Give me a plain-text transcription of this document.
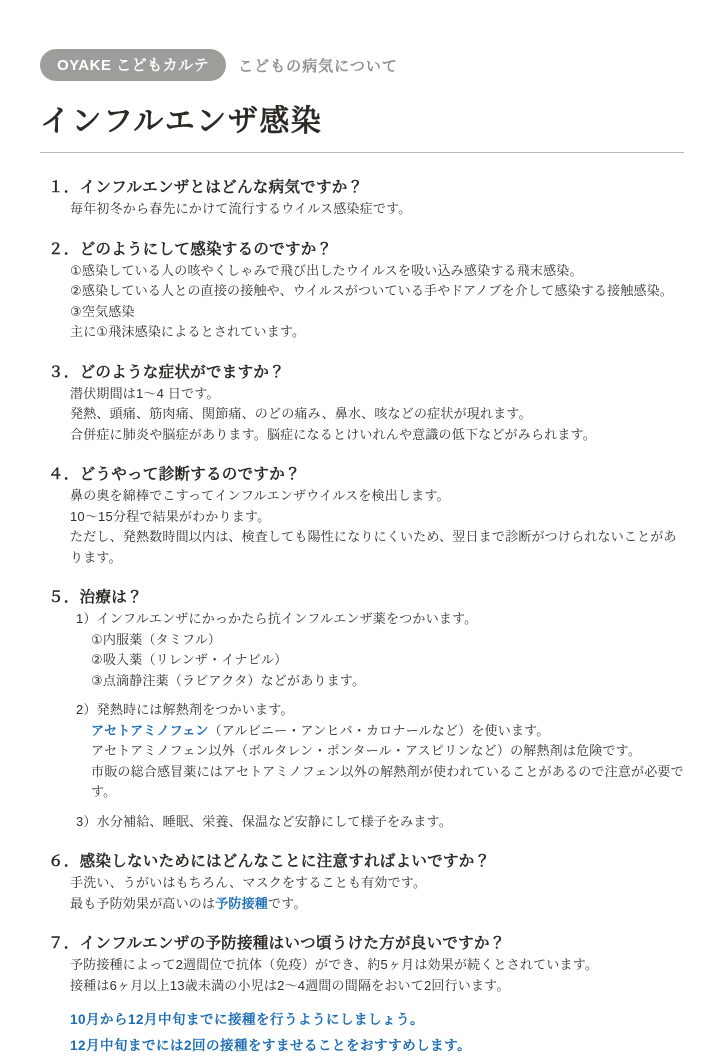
OYAKE こどもカルテ	こどもの病気について
インフルエンザ感染
１．インフルエンザとはどんな病気ですか？

毎年初冬から春先にかけて流行するウイルス感染症です。

２．どのようにして感染するのですか？

①感染している人の咳やくしゃみで飛び出したウイルスを吸い込み感染する飛末感染。

②感染している人との直接の接触や、ウイルスがついている手やドアノブを介して感染する接触感染。

③空気感染

主に①飛沫感染によるとされています。

３．どのような症状がでますか？

潜伏期間は1〜4 日です。

発熱、頭痛、筋肉痛、関節痛、のどの痛み、鼻水、咳などの症状が現れます。

合併症に肺炎や脳症があります。脳症になるとけいれんや意識の低下などがみられます。

４．どうやって診断するのですか？

鼻の奥を綿棒でこすってインフルエンザウイルスを検出します。

10〜15分程で結果がわかります。

ただし、発熱数時間以内は、検査しても陽性になりにくいため、翌日まで診断がつけられないことがあります。

５．治療は？

1）インフルエンザにかっかたら抗インフルエンザ薬をつかいます。

①内服薬（タミフル）

②吸入薬（リレンザ・イナビル）

③点滴静注薬（ラビアクタ）などがあります。

2）発熱時には解熱剤をつかいます。

アセトアミノフェン（アルビニー・アンヒバ・カロナールなど）を使います。

アセトアミノフェン以外（ボルタレン・ポンタール・アスピリンなど）の解熱剤は危険です。

市販の総合感冒薬にはアセトアミノフェン以外の解熱剤が使われていることがあるので注意が必要です。

3）水分補給、睡眠、栄養、保温など安静にして様子をみます。

６．感染しないためにはどんなことに注意すればよいですか？

手洗い、うがいはもちろん、マスクをすることも有効です。

最も予防効果が高いのは予防接種です。

７．インフルエンザの予防接種はいつ頃うけた方が良いですか？

予防接種によって2週間位で抗体（免疫）ができ、約5ヶ月は効果が続くとされています。

接種は6ヶ月以上13歳未満の小児は2〜4週間の間隔をおいて2回行います。

10月から12月中旬までに接種を行うようにしましょう。

12月中旬までには2回の接種をすませることをおすすめします。
